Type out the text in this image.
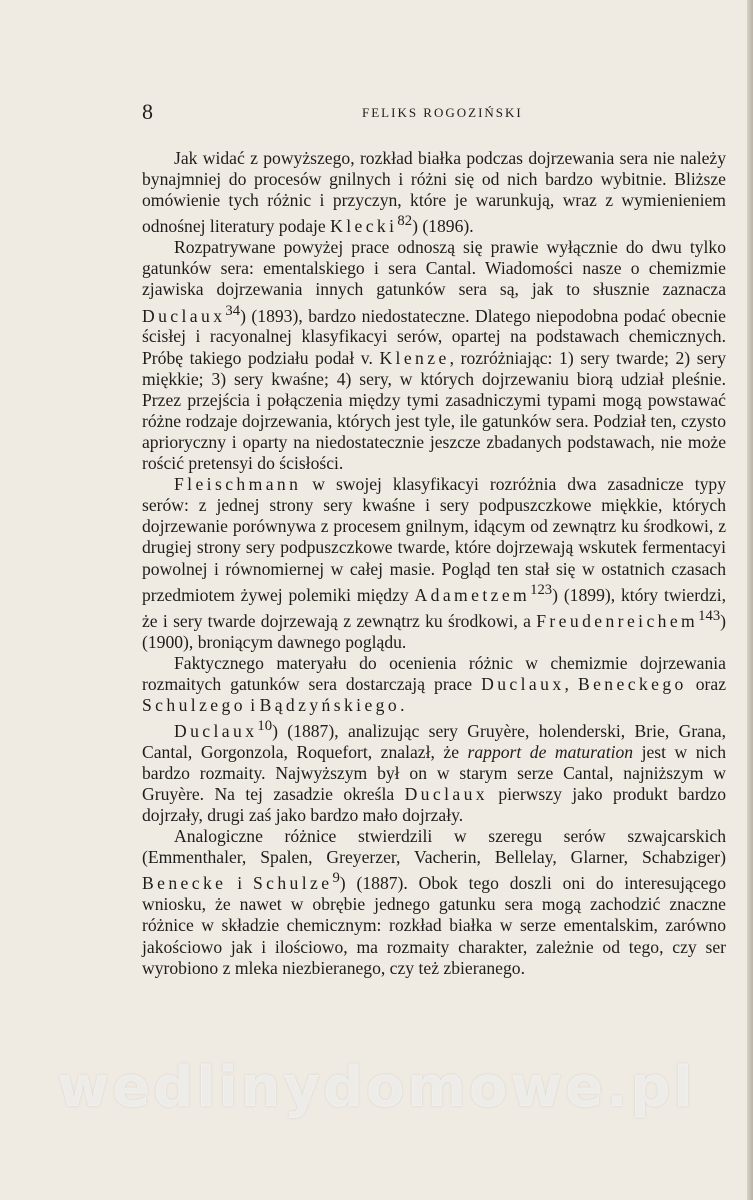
8	FELIKS ROGOZIŃSKI

Jak widać z powyższego, rozkład białka podczas dojrzewania sera nie należy bynajmniej do procesów gnilnych i różni się od nich bardzo wybitnie. Bliższe omówienie tych różnic i przyczyn, które je warunkują, wraz z wymienieniem odnośnej literatury podaje Klecki$^{82}$) (1896).

Rozpatrywane powyżej prace odnoszą się prawie wyłącznie do dwu tylko gatunków sera: ementalskiego i sera Cantal. Wiadomości nasze o chemizmie zjawiska dojrzewania innych gatunków sera są, jak to słusznie zaznacza Duclaux$^{34}$) (1893), bardzo niedostateczne. Dlatego niepodobna podać obecnie ścisłej i racyonalnej klasyfikacyi serów, opartej na podstawach chemicznych. Próbę takiego podziału podał v. Klenze, rozróżniając: 1) sery twarde; 2) sery miękkie; 3) sery kwaśne; 4) sery, w których dojrzewaniu biorą udział pleśnie. Przez przejścia i połączenia między tymi zasadniczymi typami mogą powstawać różne rodzaje dojrzewania, których jest tyle, ile gatunków sera. Podział ten, czysto aprioryczny i oparty na niedostatecznie jeszcze zbadanych podstawach, nie może rościć pretensyi do ścisłości.

Fleischmann w swojej klasyfikacyi rozróżnia dwa zasadnicze typy serów: z jednej strony sery kwaśne i sery podpuszczkowe miękkie, których dojrzewanie porównywa z procesem gnilnym, idącym od zewnątrz ku środkowi, z drugiej strony sery podpuszczkowe twarde, które dojrzewają wskutek fermentacyi powolnej i równomiernej w całej masie. Pogląd ten stał się w ostatnich czasach przedmiotem żywej polemiki między Adametzem$^{123}$) (1899), który twierdzi, że i sery twarde dojrzewają z zewnątrz ku środkowi, a Freudenreichem$^{143}$) (1900), broniącym dawnego poglądu.

Faktycznego materyału do ocenienia różnic w chemizmie dojrzewania rozmaitych gatunków sera dostarczają prace Duclaux, Beneckego oraz Schulzego i Bądzyńskiego.

Duclaux$^{10}$) (1887), analizując sery Gruyère, holenderski, Brie, Grana, Cantal, Gorgonzola, Roquefort, znalazł, że rapport de maturation jest w nich bardzo rozmaity. Najwyższym był on w starym serze Cantal, najniższym w Gruyère. Na tej zasadzie określa Duclaux pierwszy jako produkt bardzo dojrzały, drugi zaś jako bardzo mało dojrzały.

Analogiczne różnice stwierdzili w szeregu serów szwajcarskich (Emmenthaler, Spalen, Greyerzer, Vacherin, Bellelay, Glarner, Schabziger) Benecke i Schulze$^9$) (1887). Obok tego doszli oni do interesującego wniosku, że nawet w obrębie jednego gatunku sera mogą zachodzić znaczne różnice w składzie chemicznym: rozkład białka w serze ementalskim, zarówno jakościowo jak i ilościowo, ma rozmaity charakter, zależnie od tego, czy ser wyrobiono z mleka niezbieranego, czy też zbieranego.

wedlinydomowe.pl
